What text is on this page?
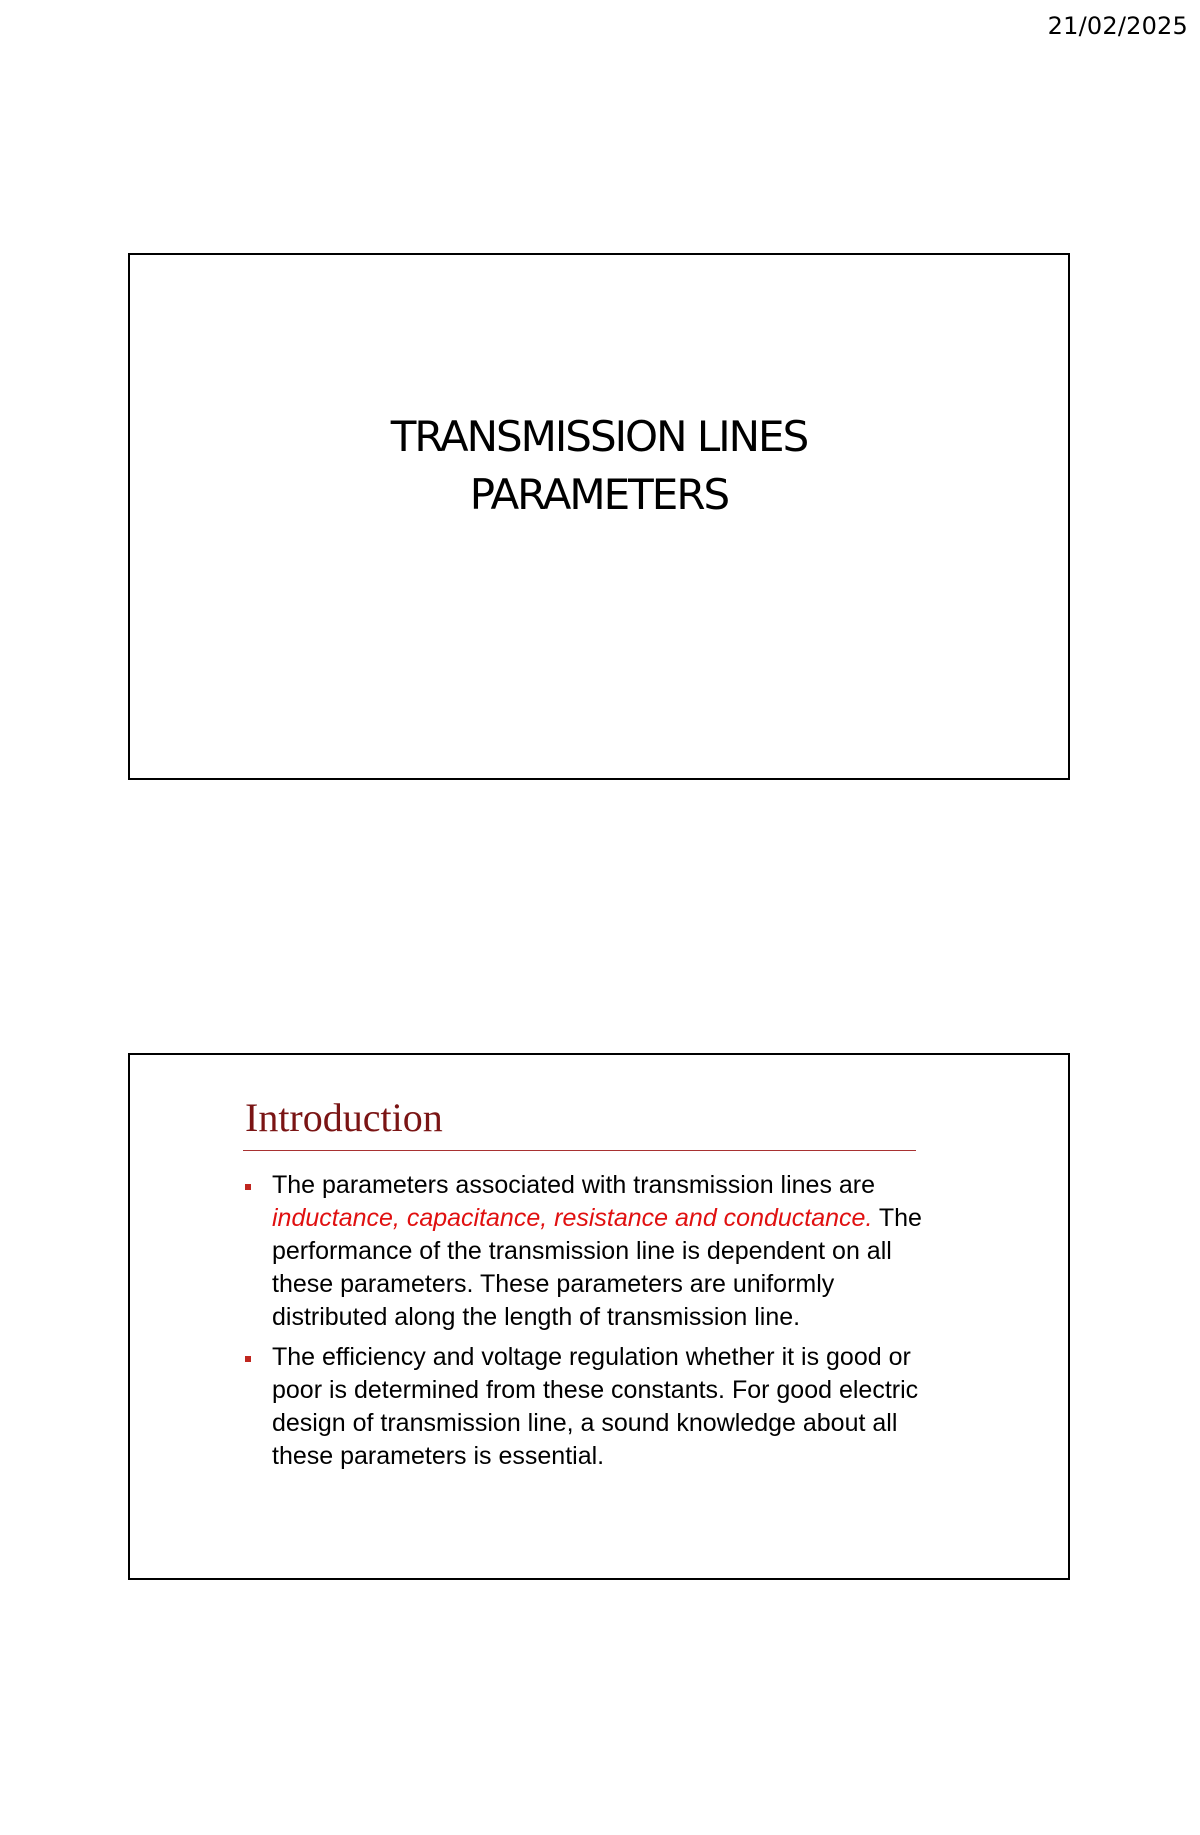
21/02/2025
TRANSMISSION LINES
PARAMETERS
Introduction
The parameters associated with transmission lines are inductance, capacitance, resistance and conductance. The performance of the transmission line is dependent on all these parameters. These parameters are uniformly distributed along the length of transmission line.
The efficiency and voltage regulation whether it is good or poor is determined from these constants. For good electric design of transmission line, a sound knowledge about all these parameters is essential.
